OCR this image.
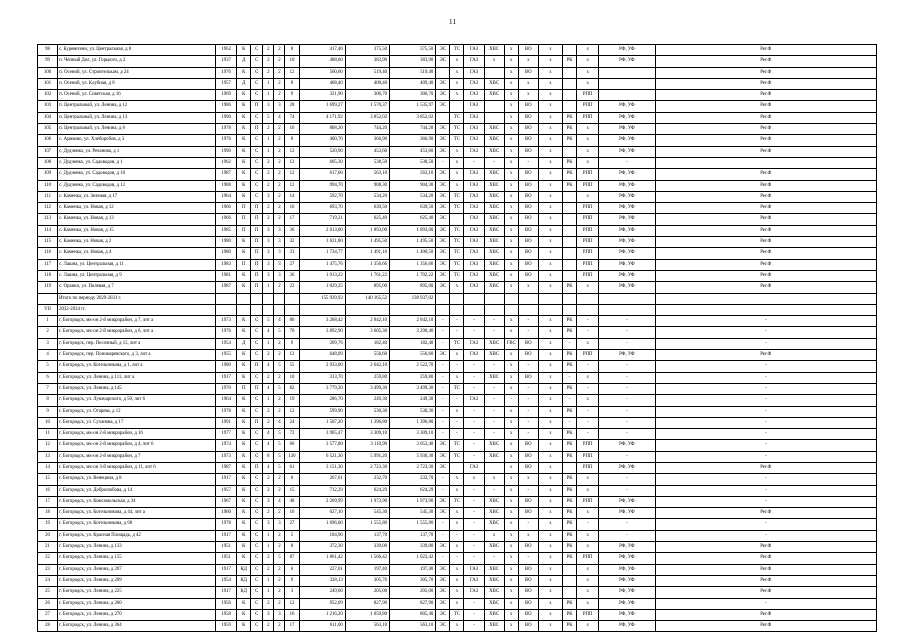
11
98	с. Буреветенн, ул. Центральная, д 0	1962	К	С	2	2	8	417,40	375,50	375,50	ЭС	ТС	ГАЗ	ХВС	х	ВО	х		х	РФ, УФ	Рег.Ф
99	п. Чепный Дол, ул. Горького, д 2	1937	Д	С	2	2	10	488,60	383,90	383,90	ЭС	х	ГАЗ	х	х	х	х	РК	х	РФ, УФ	Рег.Ф
100	п. Осений, ул. Строителькам, д 24	1976	К	С	2	2	12	560,60	519,40	519,40		х	ГАЗ		х	ВО	х		х		Рег.Ф
101	п. Осений, ул. Клубная, д 8	1957	Д	С	1	2	8	468,40	400,40	409,40	ЭС	х	ГАЗ	ХВС	х	х	х		х		Рег.Ф
102	п. Осений, ул. Советская, д 16	1969	К	С	1	2	9	321,90	306,70	306,70	ЭС	х	ГАЗ	ХВС	х	х	х		РПП		Рег.Ф
103	п. Центральный, ул. Ленина, д 12	1986	К	П	3	3	28	1 699,27	1 570,37	1 535,97	ЭС		ГАЗ		х	ВО	х		РПП	РФ, УФ	Рег.Ф
104	п. Центральный, ул. Ленина, д 13	1990	К	С	5	4	74	4 171,92	3 852,02	3 852,02		ТС	ГАЗ		х	ВО	х	РК	РПП	РФ, УФ	Рег.Ф
105	п. Центральный, ул. Ленина, д 8	1978	К	П	2	2	16	808,20	744,20	744,20	ЭС	ТС	ГАЗ	ХВС	х	ВО	х	РК	х	РФ, УФ	Рег.Ф
106	с. Армково, ул. Хлеборобов, д 3	1976	К	С	1	2	8	400,70	366,90	366,90	ЭС	ТС	ГАЗ	ХВС	х	ВО	х	РК	х	РФ, УФ	Рег.Ф
107	с. Дудченко, ул. Речанова, д 1	1990	К	С	1	2	12	520,90	453,60	453,60	ЭС	х	ГАЗ	ХВС	х	ВО	х		х	РФ, УФ	Рег.Ф
108	с. Дудченко, ул. Садоводов, д 1	1962	К	С	2	2	12	605,30	538,50	538,50	-	х	-	-	х	-	х	РК	х	-	
109	с. Дудченко, ул. Садоводов, д 10	1987	К	С	2	2	12	617,60	563,10	563,10	ЭС	х	ГАЗ	ХВС	х	ВО	х	РК	РПП	РФ, УФ	Рег.Ф
110	с. Дудченко, ул. Садоводов, д 12	1988	К	С	2	2	12	994,70	908,30	904,30	ЭС	х	ГАЗ	ХВС	х	ВО	х	РК	РПП	РФ, УФ	Рег.Ф
111	с. Каменка, ул. Зеленая, д 17	1964	К	С	3	2	14	592,70	534,20	534,20	ЭС	ТС	ГАЗ	ХВС	х	ВО	х		х	РФ, УФ	Рег.Ф
112	с. Каменка, ул. Новая, д 12	1966	П	П	2	2	16	693,70	639,50	639,50	ЭС	ТС	ГАЗ	ХВС	х	ВО	х		РПП	РФ, УФ	Рег.Ф
113	с. Каменка, ул. Новая, д 13	1966	П	П	2	2	17	719,21	625,40	625,40	ЭС		ГАЗ	ХВС	х	ВО	х		РПП	РФ, УФ	Рег.Ф
114	с. Каменка, ул. Новая, д 15	1985	П	П	3	3	36	2 013,00	1 893,00	1 893,00	ЭС	ТС	ГАЗ	ХВС	х	ВО	х		РПП	РФ, УФ	Рег.Ф
115	с. Каменка, ул. Новая, д 2	1980	К	П	3	3	32	1 621,80	1 495,50	1 495,50	ЭС	ТС	ГАЗ	ХВС	х	ВО	х		РПП	РФ, УФ	Рег.Ф
116	с. Каменка, ул. Новая, д 4	1980	К	П	3	3	31	1 734,77	1 491,10	1 400,50	ЭС	ТС	ГАЗ	ХВС	х	ВО	х		РПП	РФ, УФ	Рег.Ф
117	с. Лашна, ул. Центральная, д 11	1983	П	П	3	3	27	1 475,76	1 356,66	1 356,66	ЭС	ТС	ГАЗ	ХВС	х	ВО	х		РПП	РФ, УФ	Рег.Ф
118	с. Лашна, ул. Центральная, д 9	1981	К	П	3	3	36	1 913,22	1 761,22	1 702,22	ЭС	ТС	ГАЗ	ХВС	х	ВО	х		РПП	РФ, УФ	Рег.Ф
119	с. Оранки, ул. Полевая, д 7	1987	К	П	1	2	22	1 029,25	895,00	895,00	ЭС	х	ГАЗ	ХВС	х	х	х	РК	х	РФ, УФ	Рег.Ф
	Итого по периоду 2029-2031 г.							155 939,93	140 165,52	138 937,02											
VII	2032-2034 гг.																				
1	г. Богородск, мк-он 2-й микрорайон, д 7, лит а	1973	К	С	5	4	80	3 268,42	2 842,10	2 842,10	-	-	-	-	х	-	х	РК	-	-	-
2	г. Богородск, мк-он 2-й микрорайон, д 6, лит а	1976	К	С	4	5	70	3 892,90	3 605,30	3 290,40	-	-	-	-	х	-	х	РК	-	-	-
3	г. Богородск, пер. Песочный, д 15, лит а	1954	Д	С	1	2	9	209,76	182,40	182,40	-	ТС	ГАЗ	ХВС	ГВС	ВО	х	-	х	-	-
4	г. Богородск, пер. Пономаревского, д 3, лит а	1955	К	С	2	2	12	648,09	556,60	556,60	ЭС	х	ГАЗ	ХВС	х	ВО	х	РК	РПП	РФ, УФ	Рег.Ф
5	г. Богородск, ул. Котельникова, д 1, лит а	1980	К	П	4	5	55	2 933,00	2 642,10	2 522,70	-	-	-	-	х	-	х	РК	-	-	-
6	г. Богородск, ул. Ленина, д 111, лит а	1917	К	С	2	2	10	313,70	259,80	259,80	-	х	-	ХВС	х	ВО	х	-	х	-	-
7	г. Богородск, ул. Ленина, д 145	1970	П	П	4	5	82	3 779,20	3 499,30	3 499,30	-	ТС	-	-	х	-	х	РК	-	-	-
8	г. Богородск, ул. Луначарского, д 50, лит 6	1964	К	С	1	2	19	286,70	249,30	249,30	-	-	ГАЗ	-	-	-	х	-	х	-	-
9	г. Богородск, ул. Огарева, д 12	1978	К	С	2	2	12	599,90	530,30	530,30	-	х	-	-	х	-	х	РК	-	-	-
10	г. Богородск, ул. Суханова, д 17	1991	К	П	2	4	24	1 507,20	1 396,80	1 396,80	-	-	-	-	х	-	х	-	-	-	-
11	г. Богородск, мк-он 2-й микрорайон, д 16	1977	К	С	4	5	72	3 905,47	3 309,10	3 309,10	-	-	-	-	х	-	х	РК	-	-	-
12	г. Богородск, мк-он 2-й микрорайон, д 4, лит 6	1974	К	С	4	5	66	3 577,80	3 110,90	3 053,40	ЭС	ТС	-	ХВС	х	ВО	х	РК	РПП	РФ, УФ	-
13	г. Богородск, мк-он 2-й микрорайон, д 7	1973	К	С	8	5	130	6 521,30	5 991,20	5 930,30	ЭС	ТС	-	ХВС	х	ВО	х	РК	РПП	-	-
14	г. Богородск, мк-он 3-й микрорайон, д 11, лит 6	1987	К	П	4	5	61	3 151,30	2 723,30	2 723,30	ЭС		ГАЗ		х	ВО	х		РПП	РФ, УФ	Рег.Ф
15	г. Богородск, ул. Венецина, д 8	1917	К	С	2	2	8	267,61	232,70	232,70	-	х	х	х	х	х	х	РК	х	-	-
16	г. Богородск, ул. Добролюбова, д 14	1957	К	С	2	2	15	712,29	624,29	624,29	-	х	-	-	х	-	х	РК	х	-	-
17	г. Богородск, ул. Комсомольская, д 34	1967	К	С	3	4	48	2 269,99	1 973,90	1 973,90	ЭС	ТС	-	ХВС	х	ВО	х	РК	РПП	РФ, УФ	-
18	г. Богородск, ул. Котельникова, д 44, лит а	1960	К	С	2	2	16	627,10	545,30	545,30	ЭС	х	-	ХВС	х	ВО	х	РК	х	РФ, УФ	Рег.Ф
19	г. Богородск, ул. Котельникова, д 68	1978	К	С	3	3	27	1 696,00	1 555,80	1 555,80	-	х	-	ХВС	х	-	х	РК	-	-	-
20	г. Богородск, ул. Красная Площадь, д 42	1917	К	С	1	2	5	184,90	137,70	137,70	-	-	-	х	х	х	х	РК	х	-	-
21	г. Богородск, ул. Ленина, д 133	1951	К	С	1	2	8	372,30	339,00	339,00	ЭС	х	-	ХВС	х	ВО	х	РК	х	РФ, УФ	Рег.Ф
22	г. Богородск, ул. Ленина, д 155	1951	К	С	2	5	87	1 861,42	1 566,42	1 023,42	-	-	-	-	х	-	х	РК	РПП	РФ, УФ	Рег.Ф
23	г. Богородск, ул. Ленина, д 207	1917	КД	С	2	2	6	227,01	197,40	197,40	ЭС	х	ГАЗ	ХВС	х	ВО	х		х	РФ, УФ	Рег.Ф
24	г. Богородск, ул. Ленина, д 209	1954	КД	С	1	2	9	328,13	305,70	305,70	ЭС	х	ГАЗ	ХВС	х	ВО	х		х	РФ, УФ	Рег.Ф
25	г. Богородск, ул. Ленина, д 225	1917	КД	С	1	2	3	249,60	205,00	205,00	ЭС	х	ГАЗ	ХВС	х	ВО	х		х	РФ, УФ	Рег.Ф
26	г. Богородск, ул. Ленина, д 260	1956	К	С	2	2	12	952,09	827,90	827,90	ЭС	х	-	ХВС	х	ВО	х	РК	х	РФ, УФ	-
27	г. Богородск, ул. Ленина, д 270	1958	К	С	3	3	16	1 216,20	1 059,80	805,40	ЭС	ТС	-	ХВС	х	ВО	х	РК	РПП	РФ, УФ	Рег.Ф
28	г. Богородск, ул. Ленина, д 364	1959	К	С	2	2	17	611,00	563,10	563,10	ЭС	х	-	ХВС	х	ВО	х	РК	х	РФ, УФ	Рег.Ф
